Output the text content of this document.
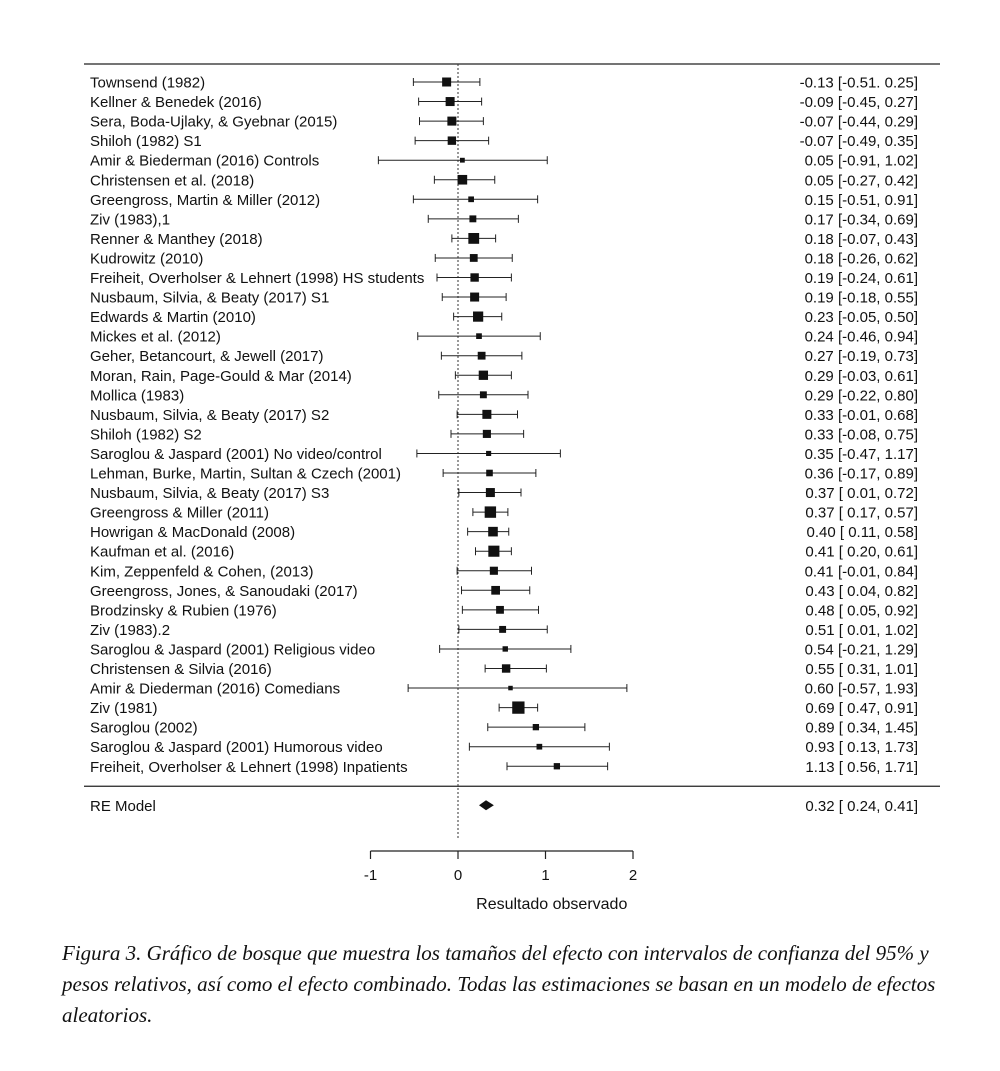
Townsend (1982)	-0.13 [-0.51. 0.25]
Kellner & Benedek (2016)	-0.09 [-0.45, 0.27]
Sera, Boda-Ujlaky, & Gyebnar (2015)	-0.07 [-0.44, 0.29]
Shiloh (1982) S1	-0.07 [-0.49, 0.35]
Amir & Biederman (2016) Controls	0.05 [-0.91, 1.02]
Christensen et al. (2018)	0.05 [-0.27, 0.42]
Greengross, Martin & Miller (2012)	0.15 [-0.51, 0.91]
Ziv (1983),1	0.17 [-0.34, 0.69]
Renner & Manthey (2018)	0.18 [-0.07, 0.43]
Kudrowitz (2010)	0.18 [-0.26, 0.62]
Freiheit, Overholser & Lehnert (1998) HS students	0.19 [-0.24, 0.61]
Nusbaum, Silvia, & Beaty (2017) S1	0.19 [-0.18, 0.55]
Edwards & Martin (2010)	0.23 [-0.05, 0.50]
Mickes et al. (2012)	0.24 [-0.46, 0.94]
Geher, Betancourt, & Jewell (2017)	0.27 [-0.19, 0.73]
Moran, Rain, Page-Gould & Mar (2014)	0.29 [-0.03, 0.61]
Mollica (1983)	0.29 [-0.22, 0.80]
Nusbaum, Silvia, & Beaty (2017) S2	0.33 [-0.01, 0.68]
Shiloh (1982) S2	0.33 [-0.08, 0.75]
Saroglou & Jaspard (2001) No video/control	0.35 [-0.47, 1.17]
Lehman, Burke, Martin, Sultan & Czech (2001)	0.36 [-0.17, 0.89]
Nusbaum, Silvia, & Beaty (2017) S3	0.37 [ 0.01, 0.72]
Greengross & Miller (2011)	0.37 [ 0.17, 0.57]
Howrigan & MacDonald (2008)	0.40 [ 0.11, 0.58]
Kaufman et al. (2016)	0.41 [ 0.20, 0.61]
Kim, Zeppenfeld & Cohen, (2013)	0.41 [-0.01, 0.84]
Greengross, Jones, & Sanoudaki (2017)	0.43 [ 0.04, 0.82]
Brodzinsky & Rubien (1976)	0.48 [ 0.05, 0.92]
Ziv (1983).2	0.51 [ 0.01, 1.02]
Saroglou & Jaspard (2001) Religious video	0.54 [-0.21, 1.29]
Christensen & Silvia (2016)	0.55 [ 0.31, 1.01]
Amir & Diederman (2016) Comedians	0.60 [-0.57, 1.93]
Ziv (1981)	0.69 [ 0.47, 0.91]
Saroglou (2002)	0.89 [ 0.34, 1.45]
Saroglou & Jaspard (2001) Humorous video	0.93 [ 0.13, 1.73]
Freiheit, Overholser & Lehnert (1998) Inpatients	1.13 [ 0.56, 1.71]
RE Model	0.32 [ 0.24, 0.41]
-1	0	1	2
Resultado observado

Figura 3. Gráfico de bosque que muestra los tamaños del efecto con intervalos de confianza del 95% y pesos relativos, así como el efecto combinado. Todas las estimaciones se basan en un modelo de efectos aleatorios.
